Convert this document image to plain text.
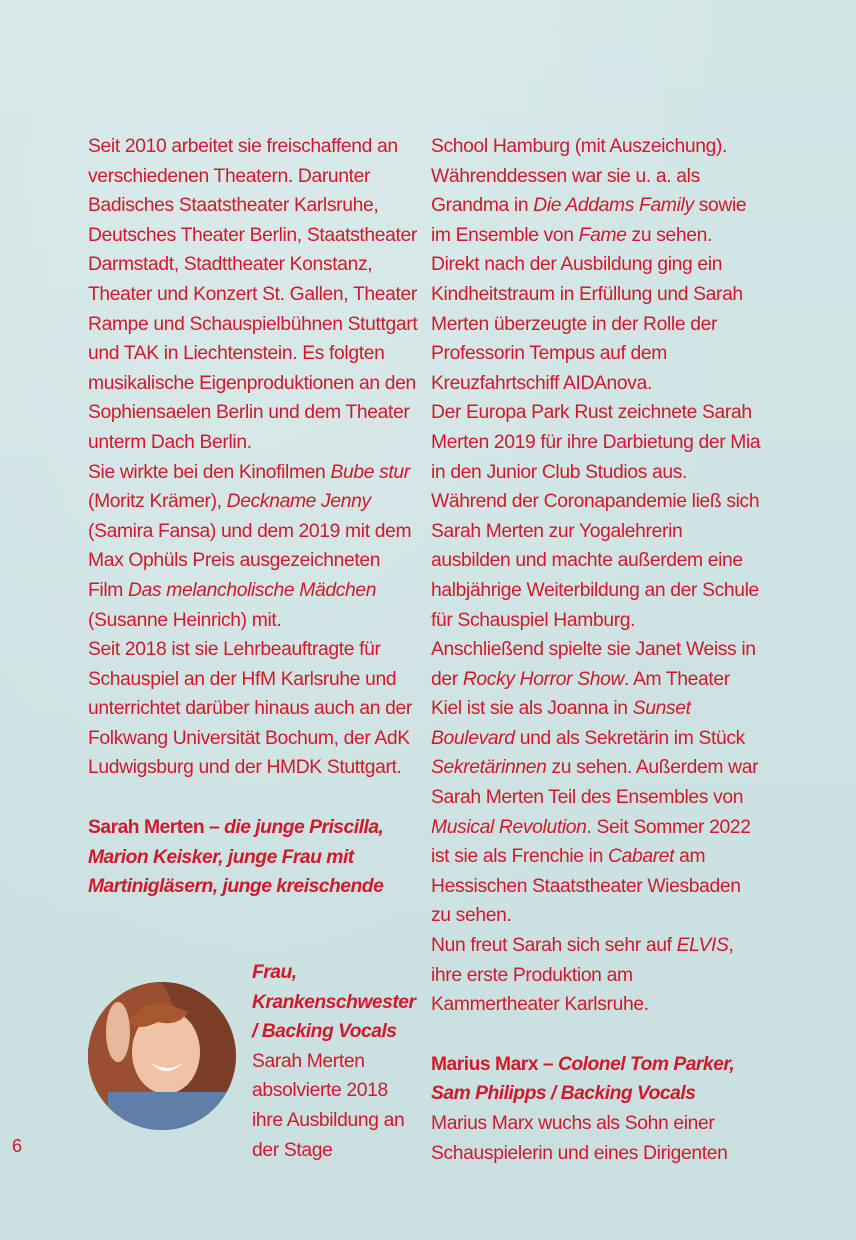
Seit 2010 arbeitet sie freischaffend an verschiedenen Theatern. Darunter Badisches Staatstheater Karlsruhe, Deutsches Theater Berlin, Staatstheater Darmstadt, Stadttheater Konstanz, Theater und Konzert St. Gallen, Theater Rampe und Schauspielbühnen Stuttgart und TAK in Liechtenstein. Es folgten musikalische Eigenproduktionen an den Sophiensaelen Berlin und dem Theater unterm Dach Berlin.

Sie wirkte bei den Kinofilmen Bube stur (Moritz Krämer), Deckname Jenny (Samira Fansa) und dem 2019 mit dem Max Ophüls Preis ausgezeichneten Film Das melancholische Mädchen (Susanne Heinrich) mit.

Seit 2018 ist sie Lehrbeauftragte für Schauspiel an der HfM Karlsruhe und unterrichtet darüber hinaus auch an der Folkwang Universität Bochum, der AdK Ludwigsburg und der HMDK Stuttgart.

Sarah Merten – die junge Priscilla, Marion Keisker, junge Frau mit Martinigläsern, junge kreischende

Frau, Krankenschwester / Backing Vocals

Sarah Merten absolvierte 2018 ihre Ausbildung an der Stage

School Hamburg (mit Auszeichung). Währenddessen war sie u. a. als Grandma in Die Addams Family sowie im Ensemble von Fame zu sehen. Direkt nach der Ausbildung ging ein Kindheitstraum in Erfüllung und Sarah Merten überzeugte in der Rolle der Professorin Tempus auf dem Kreuzfahrtschiff AIDAnova.

Der Europa Park Rust zeichnete Sarah Merten 2019 für ihre Darbietung der Mia in den Junior Club Studios aus.

Während der Coronapandemie ließ sich Sarah Merten zur Yogalehrerin ausbilden und machte außerdem eine halbjährige Weiterbildung an der Schule für Schauspiel Hamburg.

Anschließend spielte sie Janet Weiss in der Rocky Horror Show. Am Theater Kiel ist sie als Joanna in Sunset Boulevard und als Sekretärin im Stück Sekretärinnen zu sehen. Außerdem war Sarah Merten Teil des Ensembles von Musical Revolution. Seit Sommer 2022 ist sie als Frenchie in Cabaret am Hessischen Staatstheater Wiesbaden zu sehen.

Nun freut Sarah sich sehr auf ELVIS, ihre erste Produktion am Kammertheater Karlsruhe.

Marius Marx – Colonel Tom Parker, Sam Philipps / Backing Vocals

Marius Marx wuchs als Sohn einer Schauspielerin und eines Dirigenten

6
